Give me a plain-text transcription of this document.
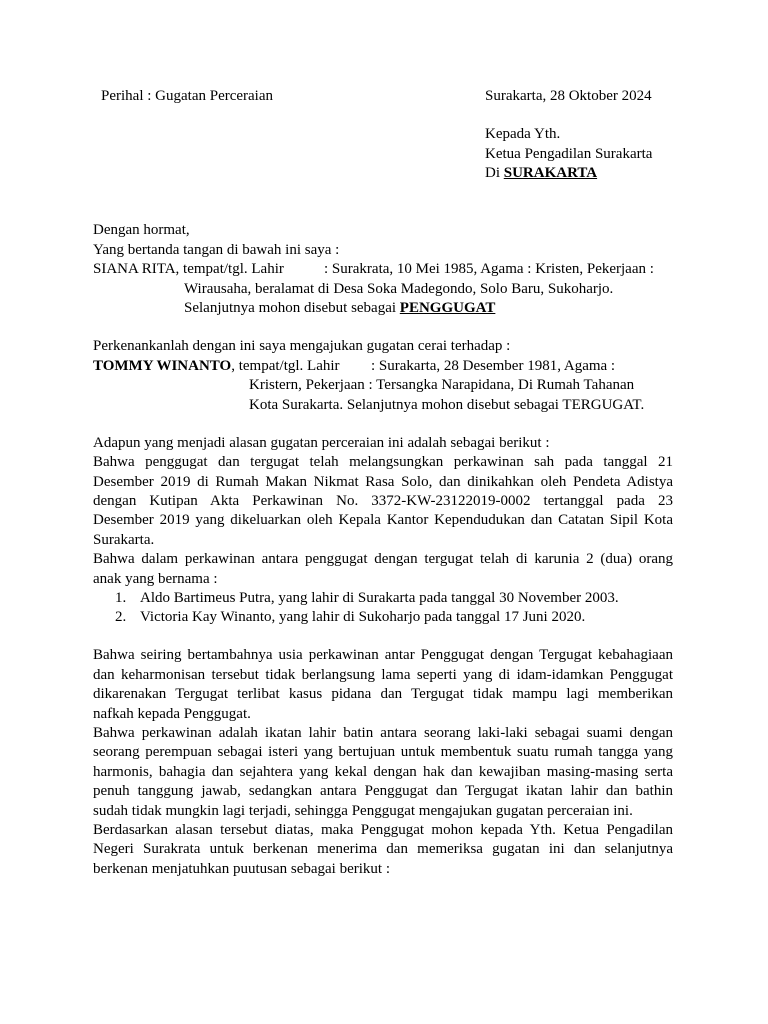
Perihal : Gugatan Perceraian	Surakarta, 28 Oktober 2024
Kepada Yth.
Ketua Pengadilan Surakarta
Di SURAKARTA
Dengan hormat,
Yang bertanda tangan di bawah ini saya :
SIANA RITA, tempat/tgl. Lahir	: Surakrata, 10 Mei 1985, Agama : Kristen, Pekerjaan :
Wirausaha, beralamat di Desa Soka Madegondo, Solo Baru, Sukoharjo.
Selanjutnya mohon disebut sebagai PENGGUGAT
Perkenankanlah dengan ini saya mengajukan gugatan cerai terhadap :
TOMMY WINANTO, tempat/tgl. Lahir : Surakarta, 28 Desember 1981, Agama :
Kristern, Pekerjaan : Tersangka Narapidana, Di Rumah Tahanan
Kota Surakarta. Selanjutnya mohon disebut sebagai TERGUGAT.
Adapun yang menjadi alasan gugatan perceraian ini adalah sebagai berikut :
Bahwa penggugat dan tergugat telah melangsungkan perkawinan sah pada tanggal 21
Desember 2019 di Rumah Makan Nikmat Rasa Solo, dan dinikahkan oleh Pendeta Adistya
dengan Kutipan Akta Perkawinan No. 3372-KW-23122019-0002 tertanggal pada 23
Desember 2019 yang dikeluarkan oleh Kepala Kantor Kependudukan dan Catatan Sipil Kota
Surakarta.
Bahwa dalam perkawinan antara penggugat dengan tergugat telah di karunia 2 (dua) orang
anak yang bernama :
1. Aldo Bartimeus Putra, yang lahir di Surakarta pada tanggal 30 November 2003.
2. Victoria Kay Winanto, yang lahir di Sukoharjo pada tanggal 17 Juni 2020.
Bahwa seiring bertambahnya usia perkawinan antar Penggugat dengan Tergugat kebahagiaan
dan keharmonisan tersebut tidak berlangsung lama seperti yang di idam-idamkan Penggugat
dikarenakan Tergugat terlibat kasus pidana dan Tergugat tidak mampu lagi memberikan
nafkah kepada Penggugat.
Bahwa perkawinan adalah ikatan lahir batin antara seorang laki-laki sebagai suami dengan
seorang perempuan sebagai isteri yang bertujuan untuk membentuk suatu rumah tangga yang
harmonis, bahagia dan sejahtera yang kekal dengan hak dan kewajiban masing-masing serta
penuh tanggung jawab, sedangkan antara Penggugat dan Tergugat ikatan lahir dan bathin
sudah tidak mungkin lagi terjadi, sehingga Penggugat mengajukan gugatan perceraian ini.
Berdasarkan alasan tersebut diatas, maka Penggugat mohon kepada Yth. Ketua Pengadilan
Negeri Surakrata untuk berkenan menerima dan memeriksa gugatan ini dan selanjutnya
berkenan menjatuhkan puutusan sebagai berikut :
